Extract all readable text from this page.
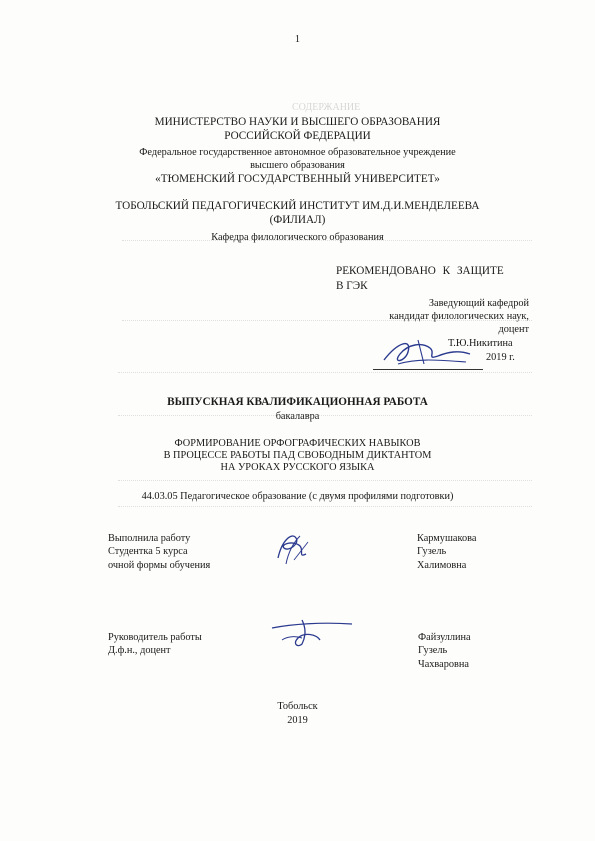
СОДЕРЖАНИЕ
1
МИНИСТЕРСТВО НАУКИ И ВЫСШЕГО ОБРАЗОВАНИЯ
РОССИЙСКОЙ ФЕДЕРАЦИИ
Федеральное государственное автономное образовательное учреждение
высшего образования
«ТЮМЕНСКИЙ ГОСУДАРСТВЕННЫЙ УНИВЕРСИТЕТ»
ТОБОЛЬСКИЙ ПЕДАГОГИЧЕСКИЙ ИНСТИТУТ ИМ.Д.И.МЕНДЕЛЕЕВА
(ФИЛИАЛ)
Кафедра филологического образования
РЕКОМЕНДОВАНО К ЗАЩИТЕ
В ГЭК
Заведующий кафедрой
кандидат филологических наук,
доцент
Т.Ю.Никитина
2019 г.
ВЫПУСКНАЯ КВАЛИФИКАЦИОННАЯ РАБОТА
бакалавра
ФОРМИРОВАНИЕ ОРФОГРАФИЧЕСКИХ НАВЫКОВ
В ПРОЦЕССЕ РАБОТЫ ПАД СВОБОДНЫМ ДИКТАНТОМ
НА УРОКАХ РУССКОГО ЯЗЫКА
44.03.05 Педагогическое образование (с двумя профилями подготовки)
Выполнила работу
Студентка 5 курса
очной формы обучения
Кармушакова
Гузель
Халимовна
Руководитель работы
Д.ф.н., доцент
Файзуллина
Гузель
Чахваровна
Тобольск
2019
